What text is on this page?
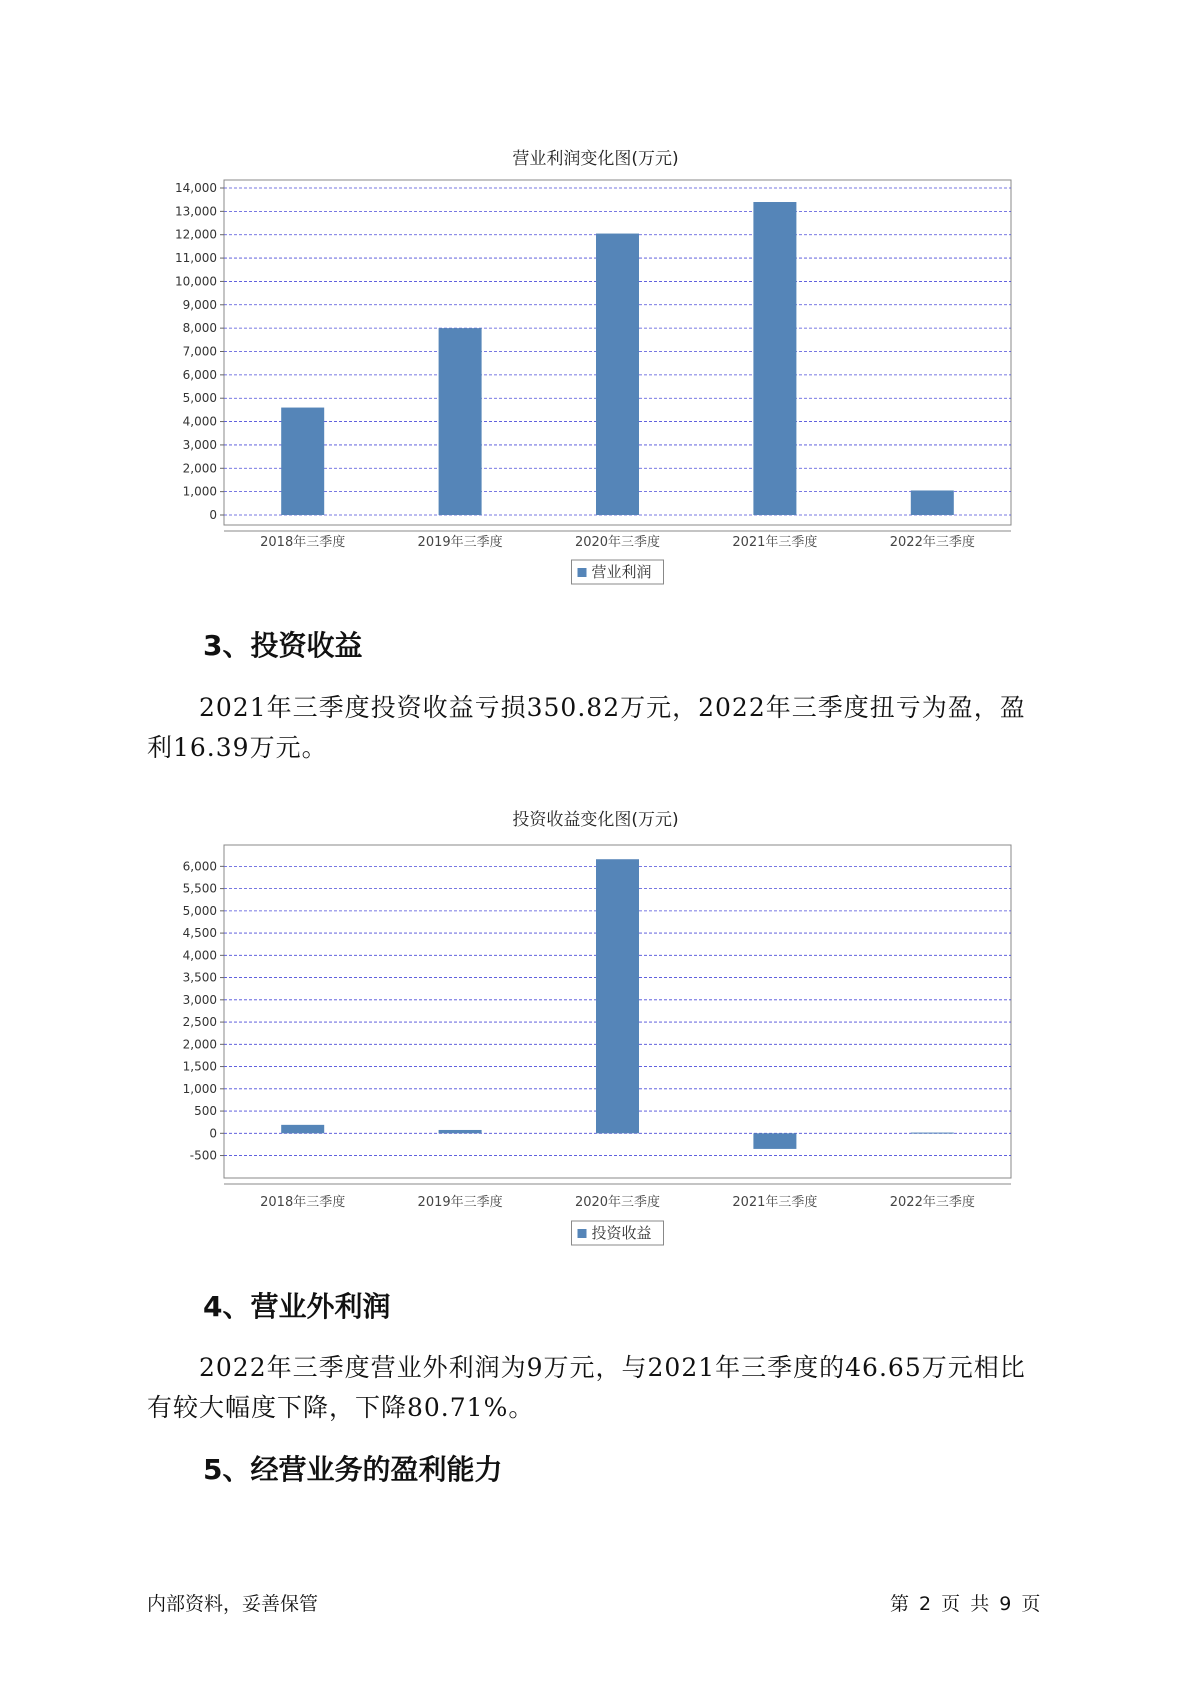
营业利润变化图(万元)
0
1,000
2,000
3,000
4,000
5,000
6,000
7,000
8,000
9,000
10,000
11,000
12,000
13,000
14,000
2018年三季度	2019年三季度	2020年三季度	2021年三季度	2022年三季度
营业利润
3、投资收益
2021年三季度投资收益亏损350.82万元，2022年三季度扭亏为盈，盈
利16.39万元。
投资收益变化图(万元)
-500
0
500
1,000
1,500
2,000
2,500
3,000
3,500
4,000
4,500
5,000
5,500
6,000
2018年三季度	2019年三季度	2020年三季度	2021年三季度	2022年三季度
投资收益
4、营业外利润
2022年三季度营业外利润为9万元，与2021年三季度的46.65万元相比
有较大幅度下降，下降80.71%。
5、经营业务的盈利能力
内部资料，妥善保管	第 2 页 共 9 页
